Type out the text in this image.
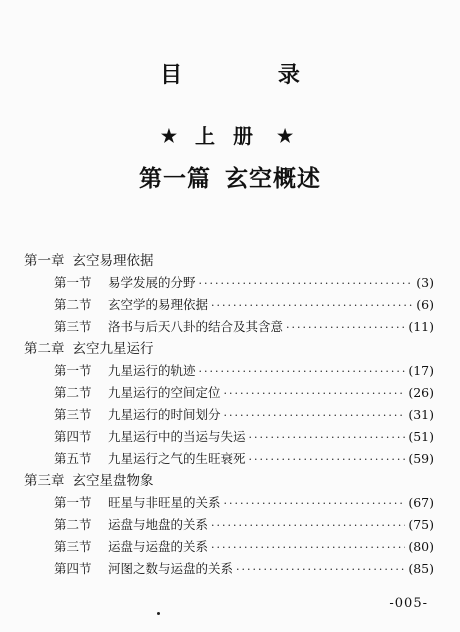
目 录
★ 上册 ★
第一篇 玄空概述
第一章 玄空易理依据
第一节	易学发展的分野 ·····	(3)
第二节	玄空学的易理依据 ·····	(6)
第三节	洛书与后天八卦的结合及其含意 ·····	(11)
第二章 玄空九星运行
第一节	九星运行的轨迹 ·····	(17)
第二节	九星运行的空间定位 ·····	(26)
第三节	九星运行的时间划分 ·····	(31)
第四节	九星运行中的当运与失运 ·····	(51)
第五节	九星运行之气的生旺衰死 ·····	(59)
第三章 玄空星盘物象
第一节	旺星与非旺星的关系 ·····	(67)
第二节	运盘与地盘的关系 ·····	(75)
第三节	运盘与运盘的关系 ·····	(80)
第四节	河图之数与运盘的关系 ·····	(85)
-005-
